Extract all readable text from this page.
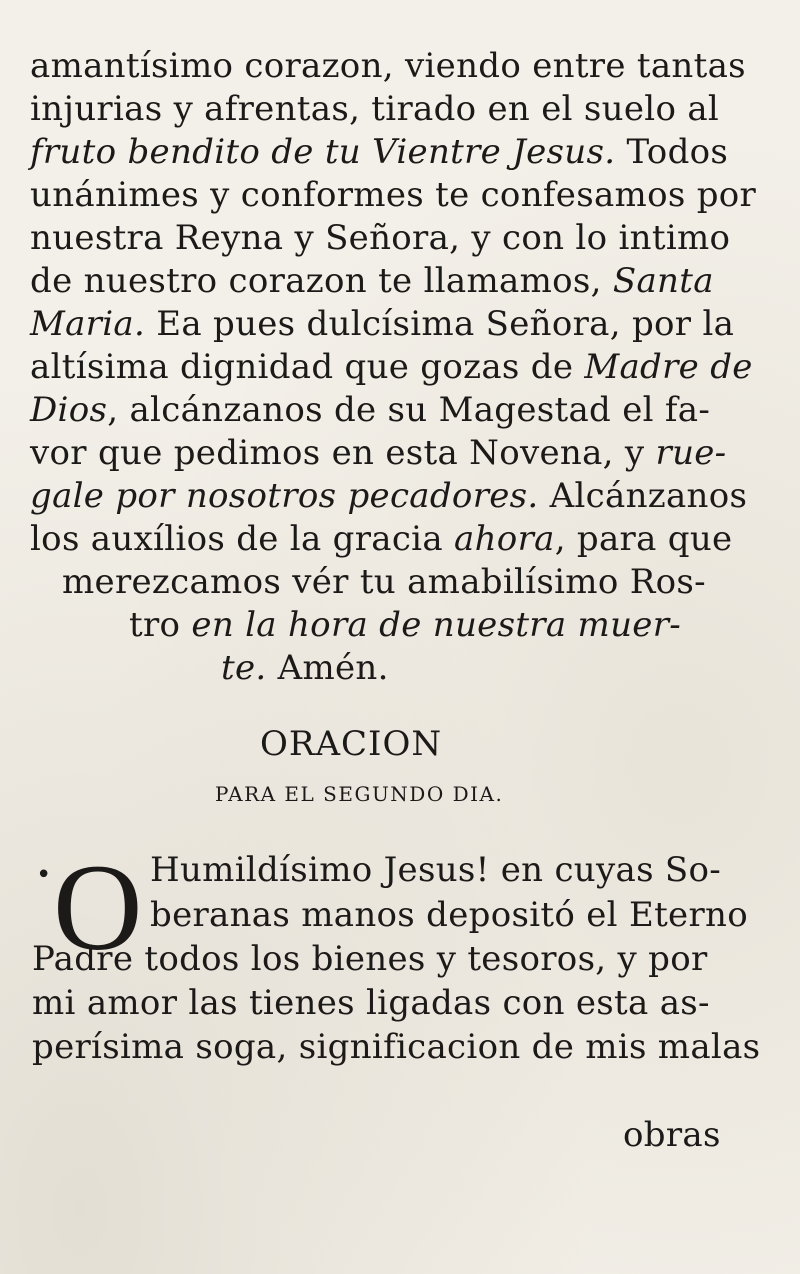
amantísimo corazon, viendo entre tantas
injurias y afrentas, tirado en el suelo al
fruto bendito de tu Vientre Jesus. Todos
unánimes y conformes te confesamos por
nuestra Reyna y Señora, y con lo intimo
de nuestro corazon te llamamos, Santa
Maria. Ea pues dulcísima Señora, por la
altísima dignidad que gozas de Madre de
Dios, alcánzanos de su Magestad el fa-
vor que pedimos en esta Novena, y rue-
gale por nosotros pecadores. Alcánzanos
los auxílios de la gracia ahora, para que
merezcamos vér tu amabilísimo Ros-
tro en la hora de nuestra muer-
te. Amén.
ORACION
PARA EL SEGUNDO DIA.
• O Humildísimo Jesus! en cuyas So-
beranas manos depositó el Eterno
Padre todos los bienes y tesoros, y por
mi amor las tienes ligadas con esta as-
perísima soga, significacion de mis malas
obras
